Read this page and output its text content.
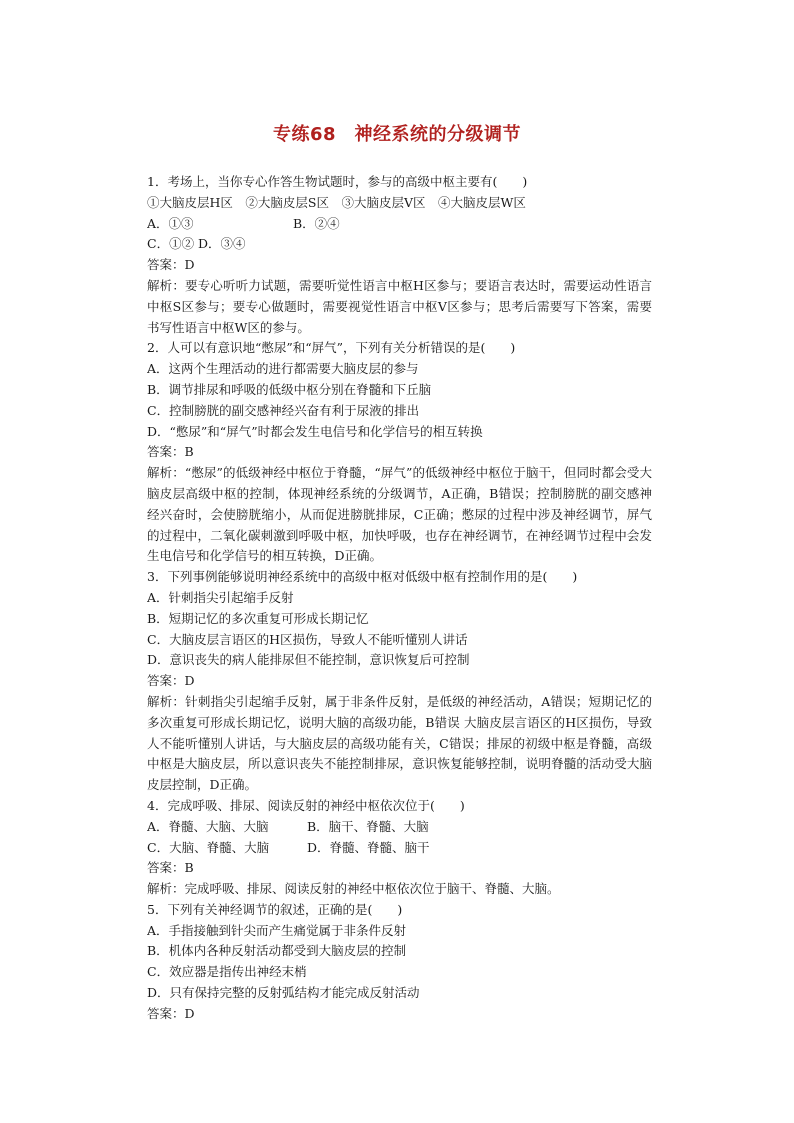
专练68　神经系统的分级调节

1．考场上，当你专心作答生物试题时，参与的高级中枢主要有(　　)

①大脑皮层H区　②大脑皮层S区　③大脑皮层V区　④大脑皮层W区

A．①③	B．②④

C．①② D．③④

答案：D

解析：要专心听听力试题，需要听觉性语言中枢H区参与；要语言表达时，需要运动性语言中枢S区参与；要专心做题时，需要视觉性语言中枢V区参与；思考后需要写下答案，需要书写性语言中枢W区的参与。

2．人可以有意识地“憋尿”和“屏气”，下列有关分析错误的是(　　)

A．这两个生理活动的进行都需要大脑皮层的参与

B．调节排尿和呼吸的低级中枢分别在脊髓和下丘脑

C．控制膀胱的副交感神经兴奋有利于尿液的排出

D．“憋尿”和“屏气”时都会发生电信号和化学信号的相互转换

答案：B

解析：“憋尿”的低级神经中枢位于脊髓，“屏气”的低级神经中枢位于脑干，但同时都会受大脑皮层高级中枢的控制，体现神经系统的分级调节，A正确，B错误；控制膀胱的副交感神经兴奋时，会使膀胱缩小，从而促进膀胱排尿，C正确；憋尿的过程中涉及神经调节，屏气的过程中，二氧化碳刺激到呼吸中枢，加快呼吸，也存在神经调节，在神经调节过程中会发生电信号和化学信号的相互转换，D正确。

3．下列事例能够说明神经系统中的高级中枢对低级中枢有控制作用的是(　　)

A．针刺指尖引起缩手反射

B．短期记忆的多次重复可形成长期记忆

C．大脑皮层言语区的H区损伤，导致人不能听懂别人讲话

D．意识丧失的病人能排尿但不能控制，意识恢复后可控制

答案：D

解析：针刺指尖引起缩手反射，属于非条件反射，是低级的神经活动，A错误；短期记忆的多次重复可形成长期记忆，说明大脑的高级功能，B错误 大脑皮层言语区的H区损伤，导致人不能听懂别人讲话，与大脑皮层的高级功能有关，C错误；排尿的初级中枢是脊髓，高级中枢是大脑皮层，所以意识丧失不能控制排尿，意识恢复能够控制，说明脊髓的活动受大脑皮层控制，D正确。

4．完成呼吸、排尿、阅读反射的神经中枢依次位于(　　)

A．脊髓、大脑、大脑	B．脑干、脊髓、大脑

C．大脑、脊髓、大脑	D．脊髓、脊髓、脑干

答案：B

解析：完成呼吸、排尿、阅读反射的神经中枢依次位于脑干、脊髓、大脑。

5．下列有关神经调节的叙述，正确的是(　　)

A．手指接触到针尖而产生痛觉属于非条件反射

B．机体内各种反射活动都受到大脑皮层的控制

C．效应器是指传出神经末梢

D．只有保持完整的反射弧结构才能完成反射活动

答案：D
